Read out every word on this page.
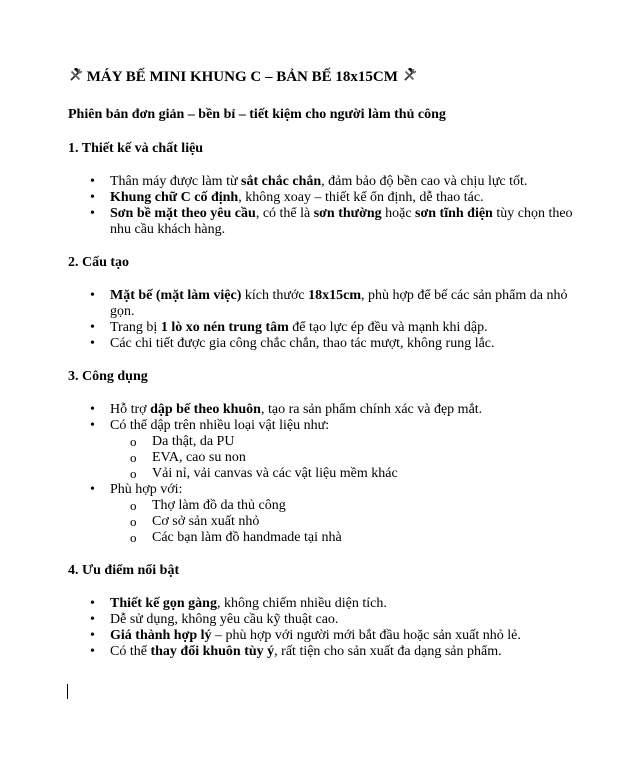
MÁY BẾ MINI KHUNG C – BẢN BẾ 18x15CM
Phiên bản đơn giản – bền bỉ – tiết kiệm cho người làm thủ công
1. Thiết kế và chất liệu
• Thân máy được làm từ sắt chắc chắn, đảm bảo độ bền cao và chịu lực tốt.
• Khung chữ C cố định, không xoay – thiết kế ổn định, dễ thao tác.
• Sơn bề mặt theo yêu cầu, có thể là sơn thường hoặc sơn tĩnh điện tùy chọn theo nhu cầu khách hàng.
2. Cấu tạo
• Mặt bế (mặt làm việc) kích thước 18x15cm, phù hợp để bế các sản phẩm da nhỏ gọn.
• Trang bị 1 lò xo nén trung tâm để tạo lực ép đều và mạnh khi dập.
• Các chi tiết được gia công chắc chắn, thao tác mượt, không rung lắc.
3. Công dụng
• Hỗ trợ dập bế theo khuôn, tạo ra sản phẩm chính xác và đẹp mắt.
• Có thể dập trên nhiều loại vật liệu như:
o Da thật, da PU
o EVA, cao su non
o Vải nỉ, vải canvas và các vật liệu mềm khác
• Phù hợp với:
o Thợ làm đồ da thủ công
o Cơ sở sản xuất nhỏ
o Các bạn làm đồ handmade tại nhà
4. Ưu điểm nổi bật
• Thiết kế gọn gàng, không chiếm nhiều diện tích.
• Dễ sử dụng, không yêu cầu kỹ thuật cao.
• Giá thành hợp lý – phù hợp với người mới bắt đầu hoặc sản xuất nhỏ lẻ.
• Có thể thay đổi khuôn tùy ý, rất tiện cho sản xuất đa dạng sản phẩm.
